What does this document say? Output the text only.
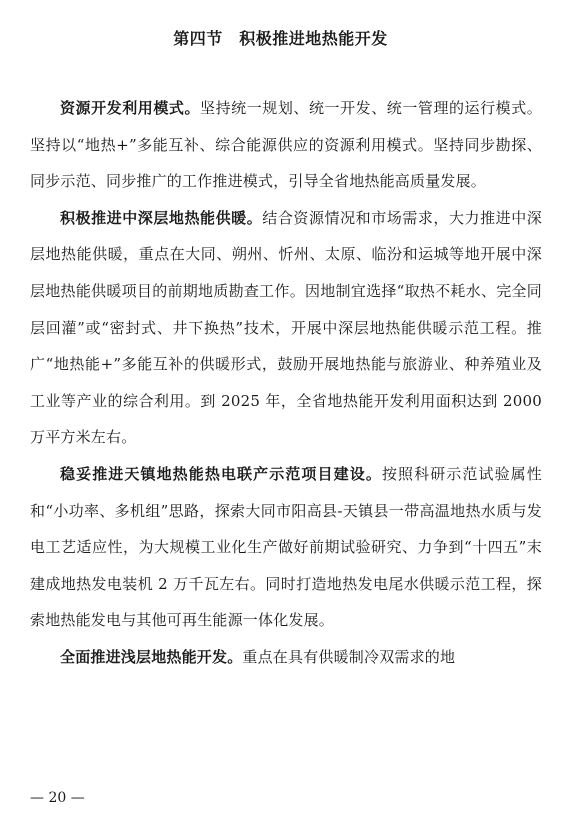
第四节　积极推进地热能开发

资源开发利用模式。坚持统一规划、统一开发、统一管理的运行模式。坚持以“地热+”多能互补、综合能源供应的资源利用模式。坚持同步勘探、同步示范、同步推广的工作推进模式，引导全省地热能高质量发展。

积极推进中深层地热能供暖。结合资源情况和市场需求，大力推进中深层地热能供暖，重点在大同、朔州、忻州、太原、临汾和运城等地开展中深层地热能供暖项目的前期地质勘查工作。因地制宜选择“取热不耗水、完全同层回灌”或“密封式、井下换热”技术，开展中深层地热能供暖示范工程。推广“地热能+”多能互补的供暖形式，鼓励开展地热能与旅游业、种养殖业及工业等产业的综合利用。到 2025 年，全省地热能开发利用面积达到 2000 万平方米左右。

稳妥推进天镇地热能热电联产示范项目建设。按照科研示范试验属性和“小功率、多机组”思路，探索大同市阳高县-天镇县一带高温地热水质与发电工艺适应性，为大规模工业化生产做好前期试验研究、力争到“十四五”末建成地热发电装机 2 万千瓦左右。同时打造地热发电尾水供暖示范工程，探索地热能发电与其他可再生能源一体化发展。

全面推进浅层地热能开发。重点在具有供暖制冷双需求的地

— 20 —
